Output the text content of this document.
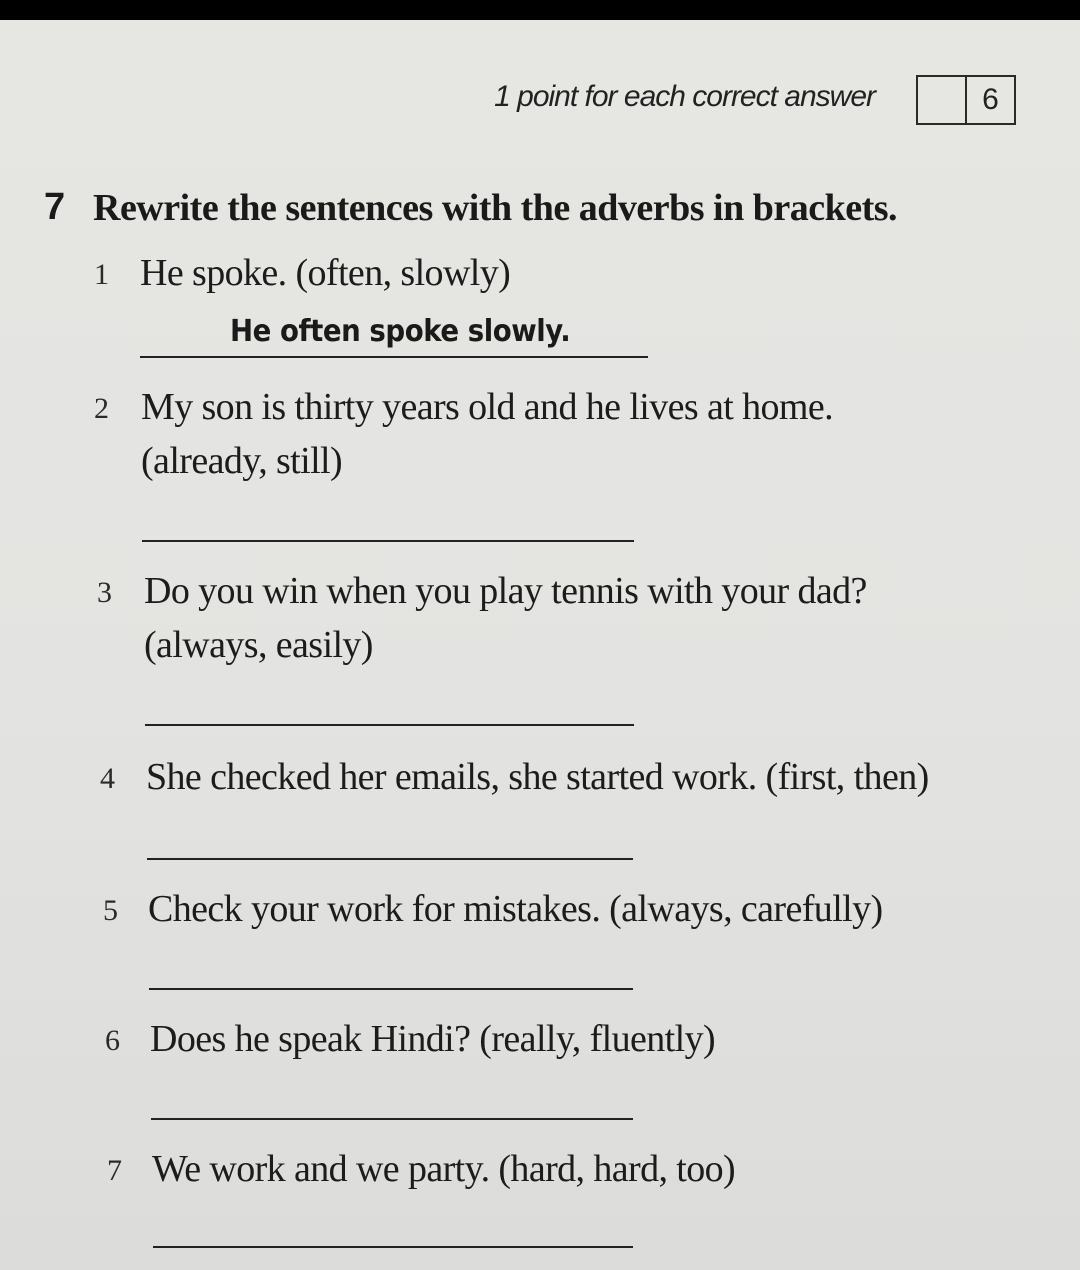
1 point for each correct answer	6
7 Rewrite the sentences with the adverbs in brackets.
1 He spoke. (often, slowly)
He often spoke slowly.
2 My son is thirty years old and he lives at home.
(already, still)
3 Do you win when you play tennis with your dad?
(always, easily)
4 She checked her emails, she started work. (first, then)
5 Check your work for mistakes. (always, carefully)
6 Does he speak Hindi? (really, fluently)
7 We work and we party. (hard, hard, too)
